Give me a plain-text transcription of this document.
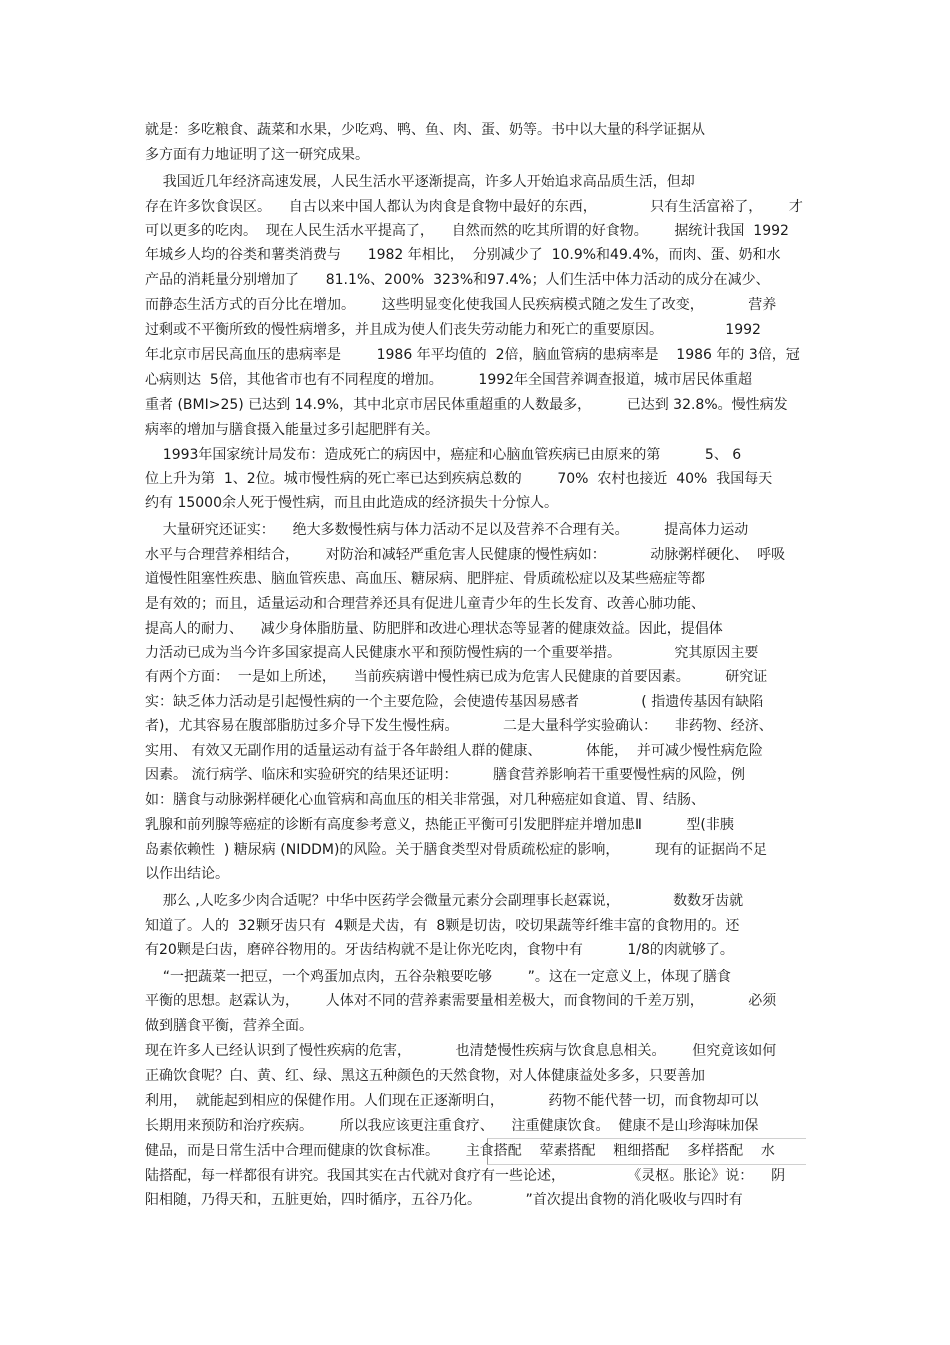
就是：多吃粮食、蔬菜和水果，少吃鸡、鸭、鱼、肉、蛋、奶等。书中以大量的科学证据从
多方面有力地证明了这一研究成果。
我国近几年经济高速发展，人民生活水平逐渐提高，许多人开始追求高品质生活，但却
存在许多饮食误区。    自古以来中国人都认为肉食是食物中最好的东西，            只有生活富裕了，      才
可以更多的吃肉。  现在人民生活水平提高了，    自然而然的吃其所谓的好食物。      据统计我国  1992
年城乡人均的谷类和薯类消费与      1982 年相比，  分别减少了  10.9%和49.4%，而肉、蛋、奶和水
产品的消耗量分别增加了      81.1%、200%  323%和97.4%；人们生活中体力活动的成分在减少、
而静态生活方式的百分比在增加。      这些明显变化使我国人民疾病模式随之发生了改变，          营养
过剩或不平衡所致的慢性病增多，并且成为使人们丧失劳动能力和死亡的重要原因。              1992
年北京市居民高血压的患病率是        1986 年平均值的  2倍，脑血管病的患病率是    1986 年的 3倍，冠
心病则达  5倍，其他省市也有不同程度的增加。        1992年全国营养调查报道，城市居民体重超
重者 (BMI>25) 已达到 14.9%，其中北京市居民体重超重的人数最多，        已达到 32.8%。慢性病发
病率的增加与膳食摄入能量过多引起肥胖有关。
1993年国家统计局发布：造成死亡的病因中，癌症和心脑血管疾病已由原来的第          5、 6
位上升为第  1、2位。城市慢性病的死亡率已达到疾病总数的        70%  农村也接近  40%  我国每天
约有 15000余人死于慢性病，而且由此造成的经济损失十分惊人。
大量研究还证实：    绝大多数慢性病与体力活动不足以及营养不合理有关。        提高体力运动
水平与合理营养相结合，      对防治和减轻严重危害人民健康的慢性病如：          动脉粥样硬化、  呼吸
道慢性阻塞性疾患、脑血管疾患、高血压、糖尿病、肥胖症、骨质疏松症以及某些癌症等都
是有效的；而且，适量运动和合理营养还具有促进儿童青少年的生长发育、改善心肺功能、
提高人的耐力、    减少身体脂肪量、防肥胖和改进心理状态等显著的健康效益。因此，提倡体
力活动已成为当今许多国家提高人民健康水平和预防慢性病的一个重要举措。            究其原因主要
有两个方面：  一是如上所述，    当前疾病谱中慢性病已成为危害人民健康的首要因素。        研究证
实：缺乏体力活动是引起慢性病的一个主要危险，会使遗传基因易感者              ( 指遗传基因有缺陷
者)，尤其容易在腹部脂肪过多介导下发生慢性病。          二是大量科学实验确认：    非药物、经济、
实用、 有效又无副作用的适量运动有益于各年龄组人群的健康、          体能，  并可减少慢性病危险
因素。 流行病学、临床和实验研究的结果还证明：        膳食营养影响若干重要慢性病的风险，例
如：膳食与动脉粥样硬化心血管病和高血压的相关非常强，对几种癌症如食道、胃、结肠、
乳腺和前列腺等癌症的诊断有高度参考意义，热能正平衡可引发肥胖症并增加患Ⅱ          型(非胰
岛素依赖性  ) 糖尿病 (NIDDM)的风险。关于膳食类型对骨质疏松症的影响，        现有的证据尚不足
以作出结论。
那么 ,人吃多少肉合适呢？中华中医药学会微量元素分会副理事长赵霖说，            数数牙齿就
知道了。人的  32颗牙齿只有  4颗是犬齿，有  8颗是切齿，咬切果蔬等纤维丰富的食物用的。还
有20颗是臼齿，磨碎谷物用的。牙齿结构就不是让你光吃肉，食物中有          1/8的肉就够了。
“一把蔬菜一把豆，一个鸡蛋加点肉，五谷杂粮要吃够        ”。这在一定意义上，体现了膳食
平衡的思想。赵霖认为，      人体对不同的营养素需要量相差极大，而食物间的千差万别，          必须
做到膳食平衡，营养全面。
现在许多人已经认识到了慢性疾病的危害，          也清楚慢性疾病与饮食息息相关。      但究竟该如何
正确饮食呢？白、黄、红、绿、黑这五种颜色的天然食物，对人体健康益处多多，只要善加
利用，  就能起到相应的保健作用。人们现在正逐渐明白，          药物不能代替一切，而食物却可以
长期用来预防和治疗疾病。      所以我应该更注重食疗、    注重健康饮食。  健康不是山珍海味加保
健品，而是日常生活中合理而健康的饮食标准。      主食搭配    荤素搭配    粗细搭配    多样搭配    水
陆搭配，每一样都很有讲究。我国其实在古代就对食疗有一些论述，              《灵枢。胀论》说：    阴
阳相随，乃得天和，五脏更始，四时循序，五谷乃化。          ”首次提出食物的消化吸收与四时有
